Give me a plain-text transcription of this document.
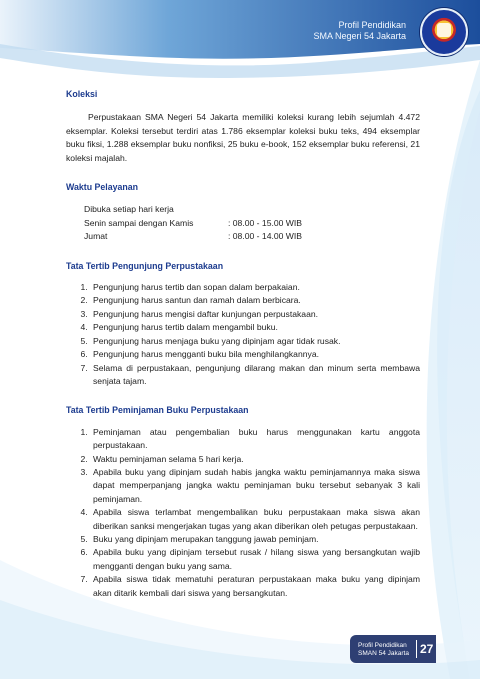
Profil Pendidikan
SMA Negeri 54 Jakarta
Koleksi

Perpustakaan SMA Negeri 54 Jakarta memiliki koleksi kurang lebih sejumlah 4.472 eksemplar. Koleksi tersebut terdiri atas 1.786 eksemplar koleksi buku teks, 494 eksemplar buku fiksi, 1.288 eksemplar buku nonfiksi, 25 buku e-book, 152 eksemplar buku referensi, 21 koleksi majalah.

Waktu Pelayanan
Dibuka setiap hari kerja
Senin sampai dengan Kamis	: 08.00 - 15.00 WIB
Jumat	: 08.00 - 14.00 WIB
Tata Tertib Pengunjung Perpustakaan
1. Pengunjung harus tertib dan sopan dalam berpakaian.
2. Pengunjung harus santun dan ramah dalam berbicara.
3. Pengunjung harus mengisi daftar kunjungan perpustakaan.
4. Pengunjung harus tertib dalam mengambil buku.
5. Pengunjung harus menjaga buku yang dipinjam agar tidak rusak.
6. Pengunjung harus mengganti buku bila menghilangkannya.
7. Selama di perpustakaan, pengunjung dilarang makan dan minum serta membawa senjata tajam.
Tata Tertib Peminjaman Buku Perpustakaan
1. Peminjaman atau pengembalian buku harus menggunakan kartu anggota perpustakaan.
2. Waktu peminjaman selama 5 hari kerja.
3. Apabila buku yang dipinjam sudah habis jangka waktu peminjamannya maka siswa dapat memperpanjang jangka waktu peminjaman buku tersebut sebanyak 3 kali peminjaman.
4. Apabila siswa terlambat mengembalikan buku perpustakaan maka siswa akan diberikan sanksi mengerjakan tugas yang akan diberikan oleh petugas perpustakaan.
5. Buku yang dipinjam merupakan tanggung jawab peminjam.
6. Apabila buku yang dipinjam tersebut rusak / hilang siswa yang bersangkutan wajib mengganti dengan buku yang sama.
7. Apabila siswa tidak mematuhi peraturan perpustakaan maka buku yang dipinjam akan ditarik kembali dari siswa yang bersangkutan.
Profil Pendidikan
SMAN 54 Jakarta 27
